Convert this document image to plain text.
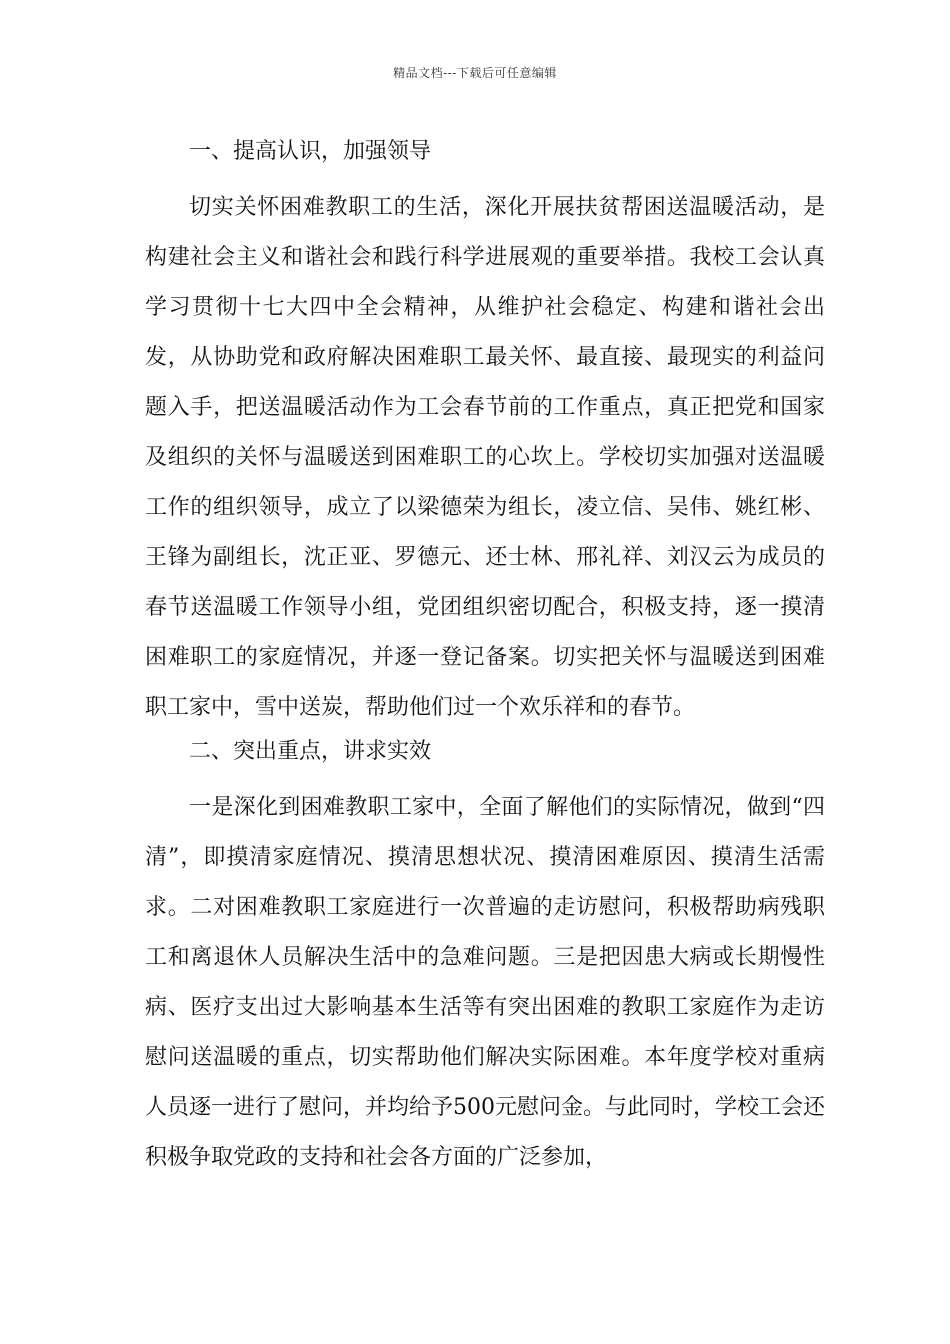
精品文档---下载后可任意编辑
一、提高认识，加强领导

切实关怀困难教职工的生活，深化开展扶贫帮困送温暖活动，是构建社会主义和谐社会和践行科学进展观的重要举措。我校工会认真学习贯彻十七大四中全会精神，从维护社会稳定、构建和谐社会出发，从协助党和政府解决困难职工最关怀、最直接、最现实的利益问题入手，把送温暖活动作为工会春节前的工作重点，真正把党和国家及组织的关怀与温暖送到困难职工的心坎上。学校切实加强对送温暖工作的组织领导，成立了以梁德荣为组长，凌立信、吴伟、姚红彬、王锋为副组长，沈正亚、罗德元、还士林、邢礼祥、刘汉云为成员的春节送温暖工作领导小组，党团组织密切配合，积极支持，逐一摸清困难职工的家庭情况，并逐一登记备案。切实把关怀与温暖送到困难职工家中，雪中送炭，帮助他们过一个欢乐祥和的春节。

二、突出重点，讲求实效

一是深化到困难教职工家中，全面了解他们的实际情况，做到“四清”，即摸清家庭情况、摸清思想状况、摸清困难原因、摸清生活需求。二对困难教职工家庭进行一次普遍的走访慰问，积极帮助病残职工和离退休人员解决生活中的急难问题。三是把因患大病或长期慢性病、医疗支出过大影响基本生活等有突出困难的教职工家庭作为走访慰问送温暖的重点，切实帮助他们解决实际困难。本年度学校对重病人员逐一进行了慰问，并均给予500元慰问金。与此同时，学校工会还积极争取党政的支持和社会各方面的广泛参加，
